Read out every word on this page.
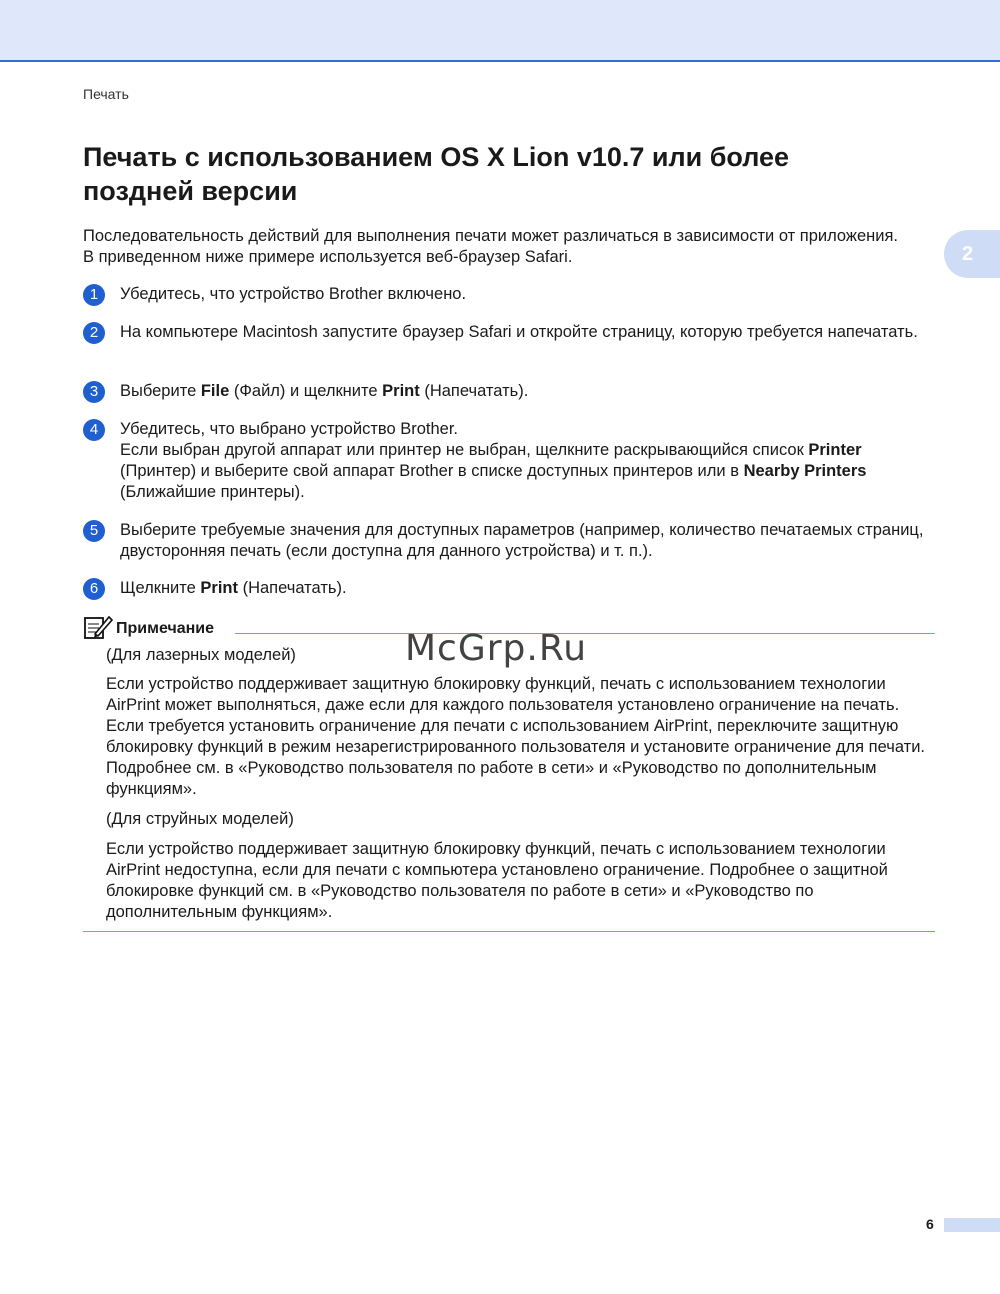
Печать
2
Печать с использованием OS X Lion v10.7 или более поздней версии

Последовательность действий для выполнения печати может различаться в зависимости от приложения. В приведенном ниже примере используется веб-браузер Safari.

1	Убедитесь, что устройство Brother включено.
2	На компьютере Macintosh запустите браузер Safari и откройте страницу, которую требуется напечатать.
3	Выберите File (Файл) и щелкните Print (Напечатать).
4	Убедитесь, что выбрано устройство Brother.
Если выбран другой аппарат или принтер не выбран, щелкните раскрывающийся список Printer (Принтер) и выберите свой аппарат Brother в списке доступных принтеров или в Nearby Printers (Ближайшие принтеры).
5	Выберите требуемые значения для доступных параметров (например, количество печатаемых страниц, двусторонняя печать (если доступна для данного устройства) и т. п.).
6	Щелкните Print (Напечатать).
Примечание
(Для лазерных моделей)
Если устройство поддерживает защитную блокировку функций, печать с использованием технологии AirPrint может выполняться, даже если для каждого пользователя установлено ограничение на печать. Если требуется установить ограничение для печати с использованием AirPrint, переключите защитную блокировку функций в режим незарегистрированного пользователя и установите ограничение для печати. Подробнее см. в «Руководство пользователя по работе в сети» и «Руководство по дополнительным функциям».
(Для струйных моделей)
Если устройство поддерживает защитную блокировку функций, печать с использованием технологии AirPrint недоступна, если для печати с компьютера установлено ограничение. Подробнее о защитной блокировке функций см. в «Руководство пользователя по работе в сети» и «Руководство по дополнительным функциям».
McGrp.Ru
6
